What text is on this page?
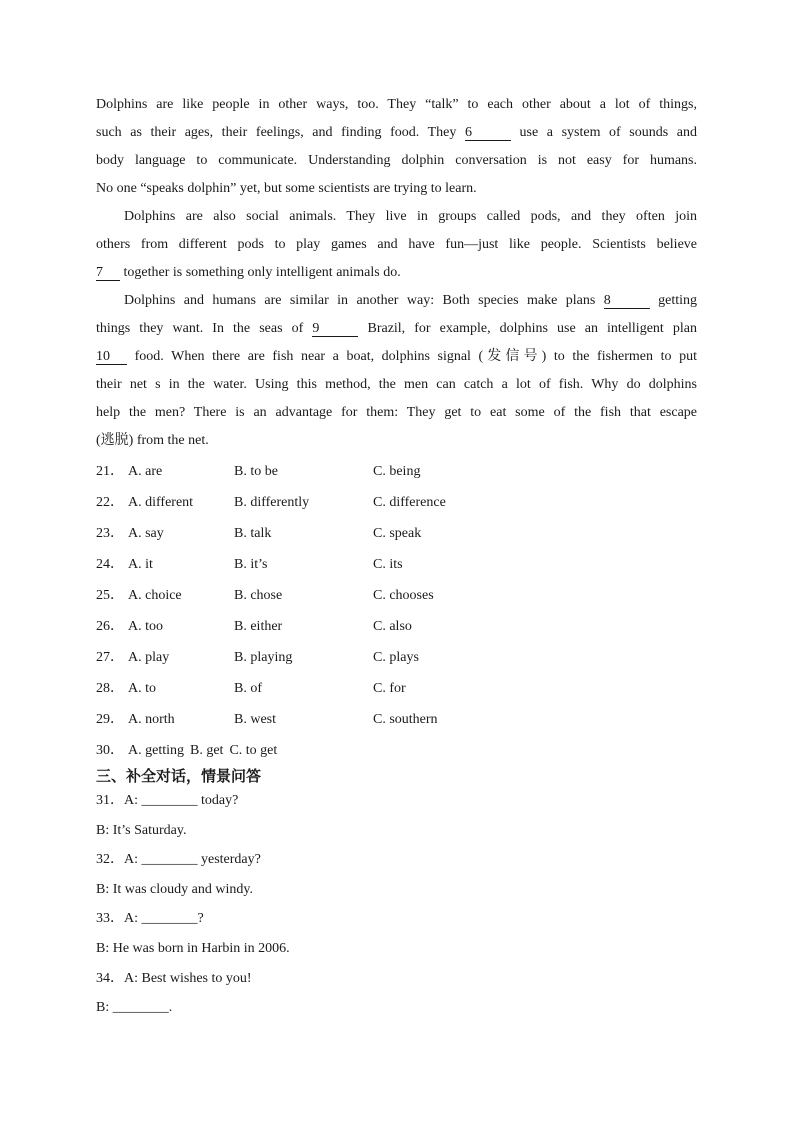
Dolphins are like people in other ways, too. They “talk” to each other about a lot of things,
such as their ages, their feelings, and finding food. They 6	use a system of sounds and
body language to communicate. Understanding dolphin conversation is not easy for humans.
No one “speaks dolphin” yet, but some scientists are trying to learn.
Dolphins are also social animals. They live in groups called pods, and they often join
others from different pods to play games and have fun—just like people. Scientists believe
7 together is something only intelligent animals do.
Dolphins and humans are similar in another way: Both species make plans 8	getting
things they want. In the seas of 9	Brazil, for example, dolphins use an intelligent plan
10 food. When there are fish near a boat, dolphins signal (发信号) to the fishermen to put
their net s in the water. Using this method, the men can catch a lot of fish. Why do dolphins
help the men? There is an advantage for them: They get to eat some of the fish that escape
(逃脱) from the net.
21． A. are	B. to be	C. being
22． A. different	B. differently	C. difference
23． A. say	B. talk	C. speak
24． A. it	B. it’s	C. its
25． A. choice	B. chose	C. chooses
26． A. too	B. either	C. also
27． A. play	B. playing	C. plays
28． A. to	B. of	C. for
29． A. north	B. west	C. southern
30． A. getting B. get C. to get
三、补全对话，情景问答
31．A: ________ today?
B: It’s Saturday.
32．A: ________ yesterday?
B: It was cloudy and windy.
33．A: ________?
B: He was born in Harbin in 2006.
34．A: Best wishes to you!
B: ________.
